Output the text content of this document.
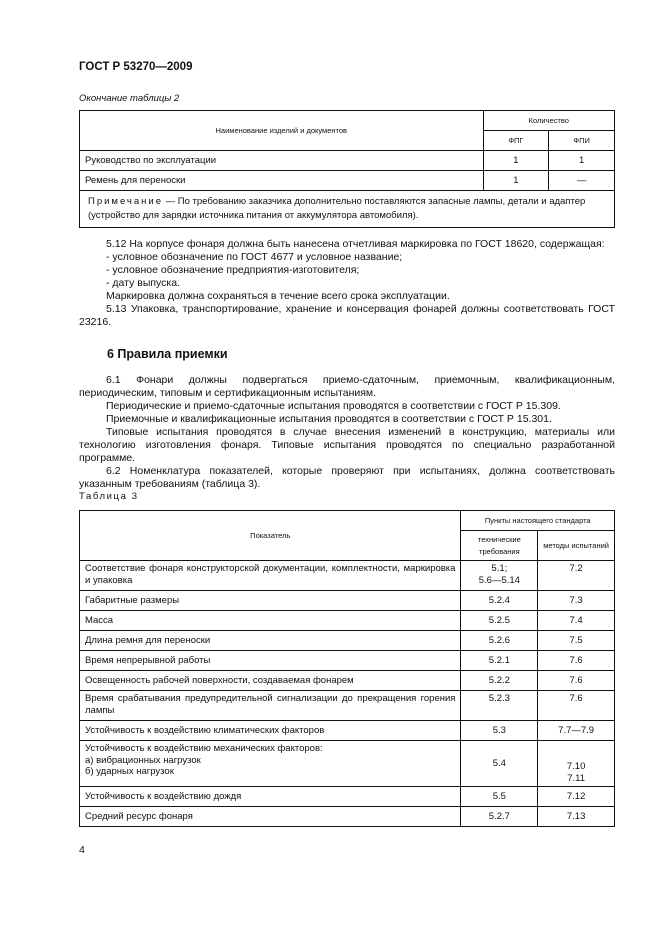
ГОСТ Р 53270—2009
Окончание таблицы 2
Наименование изделий и документов	Количество	
	ФПГ	ФПИ
Руководство по эксплуатации	1	1
Ремень для переноски	1	—
Примечание — По требованию заказчика дополнительно поставляются запасные лампы, детали и адаптер (устройство для зарядки источника питания от аккумулятора автомобиля).		

5.12 На корпусе фонаря должна быть нанесена отчетливая маркировка по ГОСТ 18620, содержащая:

- условное обозначение по ГОСТ 4677 и условное название;

- условное обозначение предприятия-изготовителя;

- дату выпуска.

Маркировка должна сохраняться в течение всего срока эксплуатации.

5.13 Упаковка, транспортирование, хранение и консервация фонарей должны соответствовать ГОСТ 23216.

6 Правила приемки

6.1 Фонари должны подвергаться приемо-сдаточным, приемочным, квалификационным, периодическим, типовым и сертификационным испытаниям.

Периодические и приемо-сдаточные испытания проводятся в соответствии с ГОСТ Р 15.309.

Приемочные и квалификационные испытания проводятся в соответствии с ГОСТ Р 15.301.

Типовые испытания проводятся в случае внесения изменений в конструкцию, материалы или технологию изготовления фонаря. Типовые испытания проводятся по специально разработанной программе.

6.2 Номенклатура показателей, которые проверяют при испытаниях, должна соответствовать указанным требованиям (таблица 3).

Таблица 3
Показатель	Пункты настоящего стандарта	
	технические требования	методы испытаний
Соответствие фонаря конструкторской документации, комплектности, маркировка и упаковка	5.1;
5.6—5.14	7.2
Габаритные размеры	5.2.4	7.3
Масса	5.2.5	7.4
Длина ремня для переноски	5.2.6	7.5
Время непрерывной работы	5.2.1	7.6
Освещенность рабочей поверхности, создаваемая фонарем	5.2.2	7.6
Время срабатывания предупредительной сигнализации до прекращения горения лампы	5.2.3	7.6
Устойчивость к воздействию климатических факторов	5.3	7.7—7.9
Устойчивость к воздействию механических факторов:
а) вибрационных нагрузок
б) ударных нагрузок	5.4	7.10
7.11
Устойчивость к воздействию дождя	5.5	7.12
Средний ресурс фонаря	5.2.7	7.13
4
